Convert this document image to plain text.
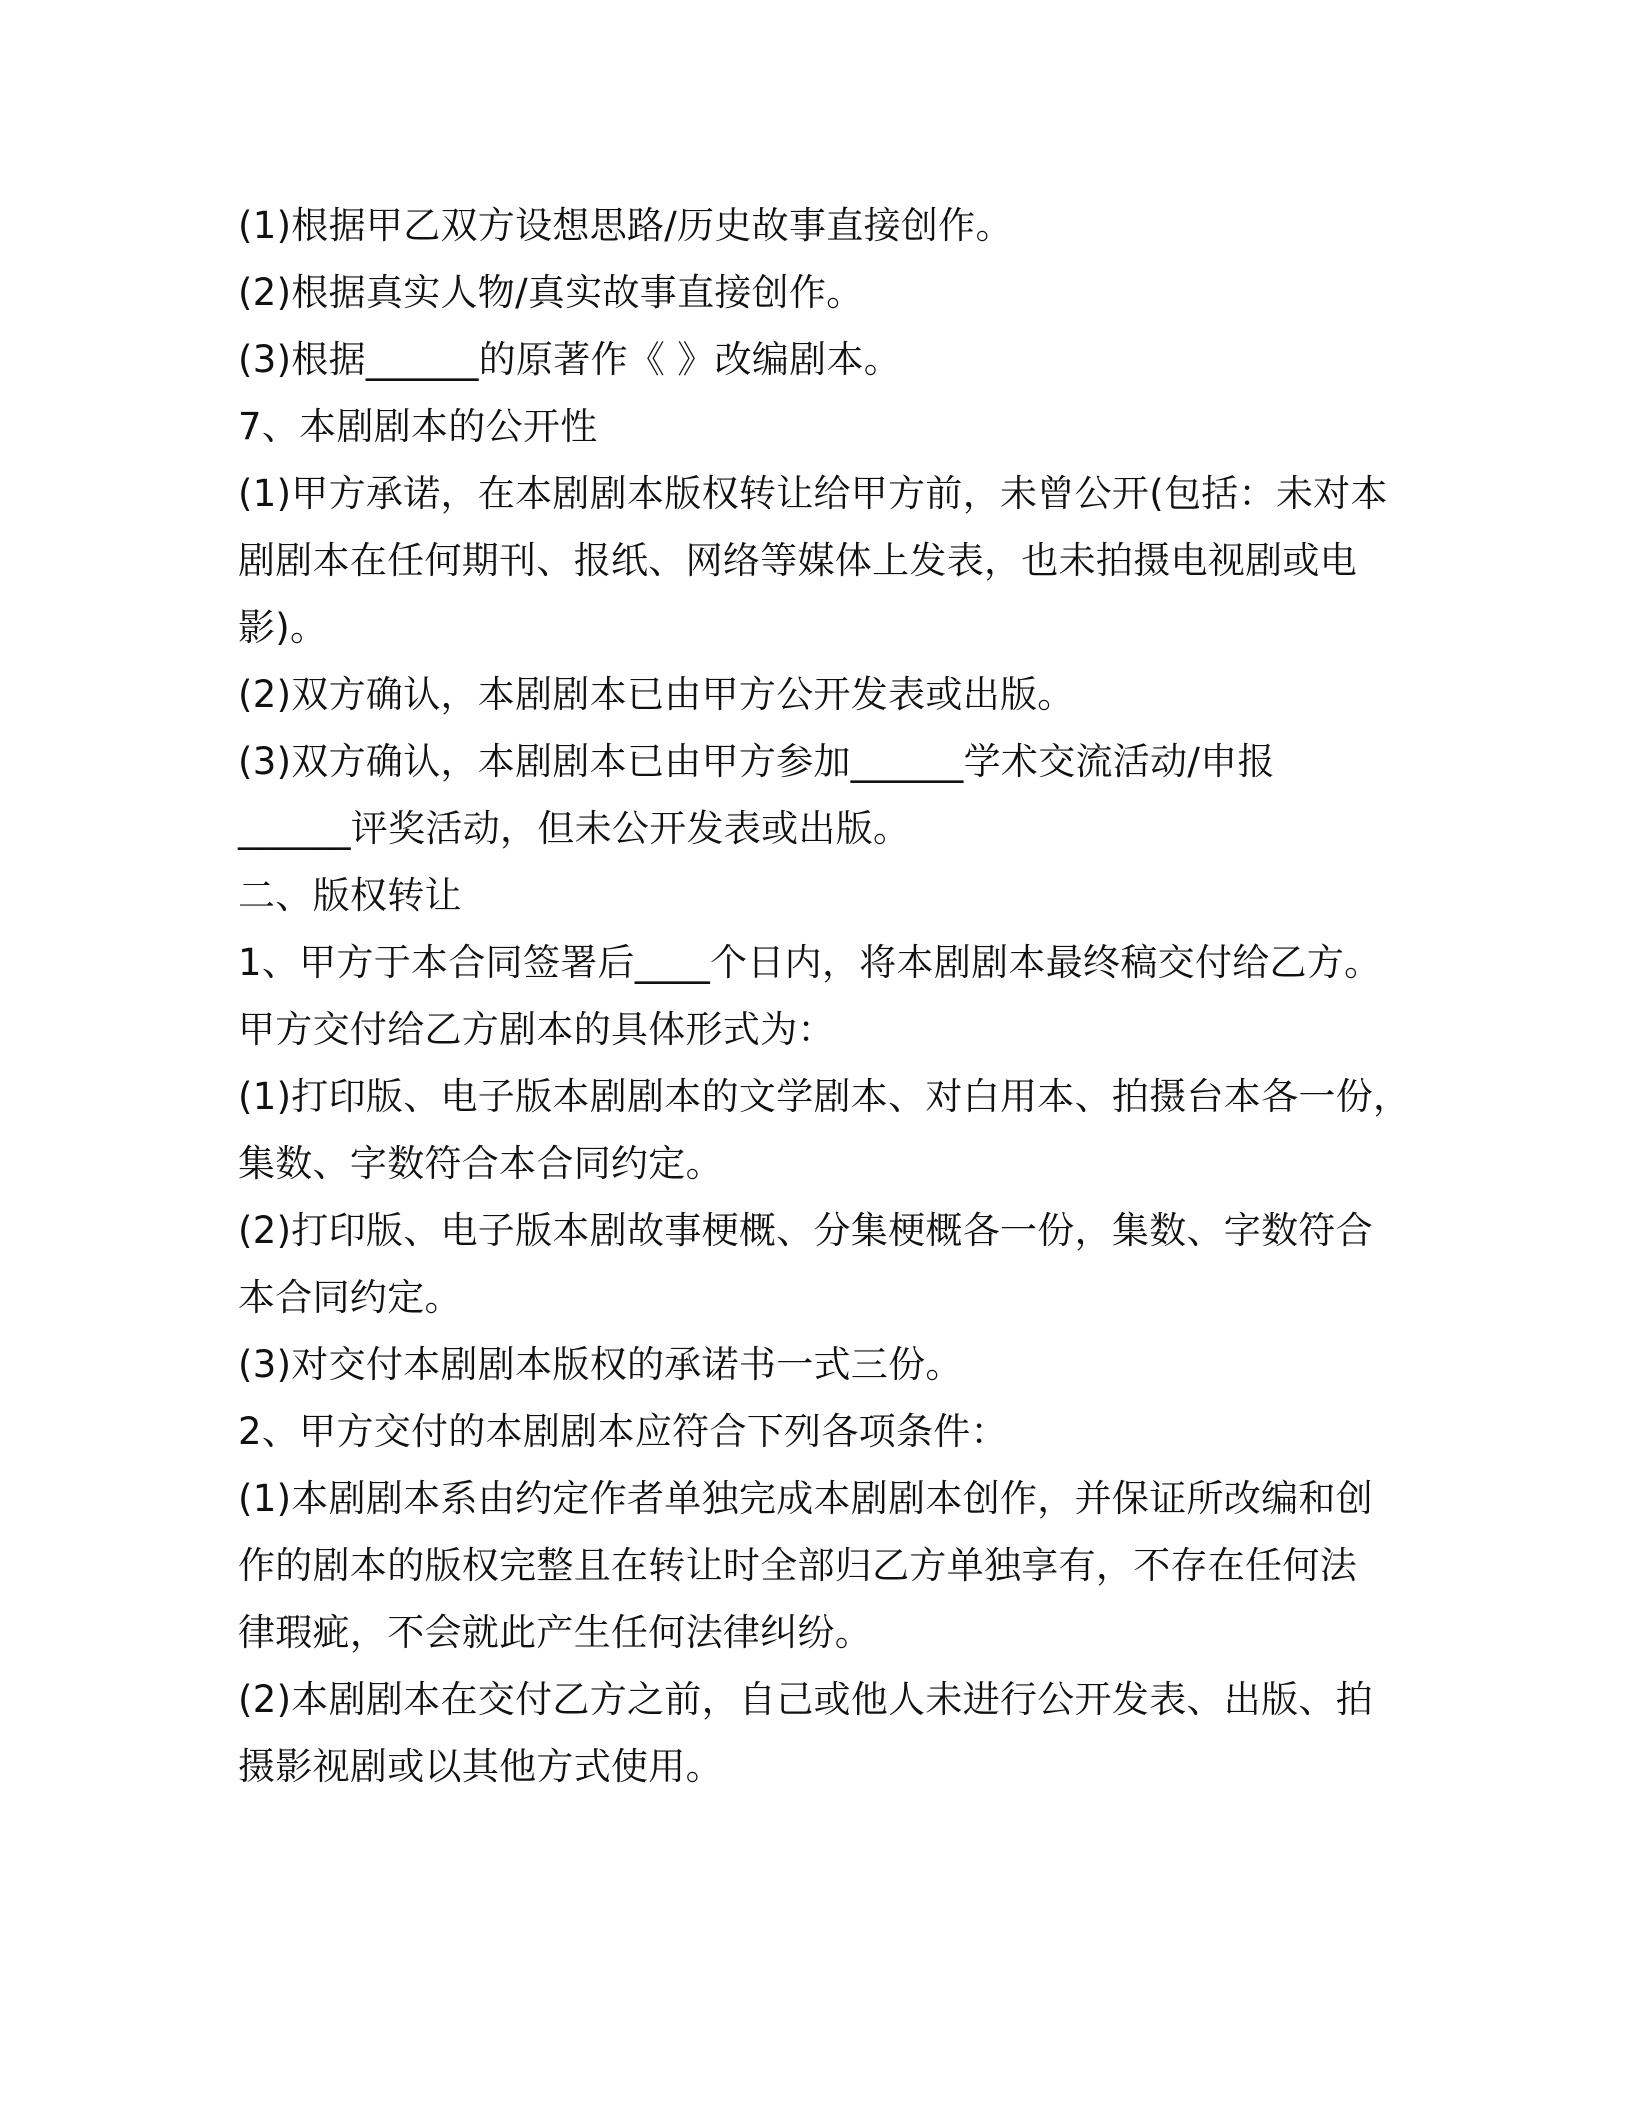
(1)根据甲乙双方设想思路/历史故事直接创作。
(2)根据真实人物/真实故事直接创作。
(3)根据______的原著作《 》改编剧本。
7、本剧剧本的公开性
(1)甲方承诺，在本剧剧本版权转让给甲方前，未曾公开(包括：未对本
剧剧本在任何期刊、报纸、网络等媒体上发表，也未拍摄电视剧或电
影)。
(2)双方确认，本剧剧本已由甲方公开发表或出版。
(3)双方确认，本剧剧本已由甲方参加______学术交流活动/申报
______评奖活动，但未公开发表或出版。
二、版权转让
1、甲方于本合同签署后____个日内，将本剧剧本最终稿交付给乙方。
甲方交付给乙方剧本的具体形式为：
(1)打印版、电子版本剧剧本的文学剧本、对白用本、拍摄台本各一份，
集数、字数符合本合同约定。
(2)打印版、电子版本剧故事梗概、分集梗概各一份，集数、字数符合
本合同约定。
(3)对交付本剧剧本版权的承诺书一式三份。
2、甲方交付的本剧剧本应符合下列各项条件：
(1)本剧剧本系由约定作者单独完成本剧剧本创作，并保证所改编和创
作的剧本的版权完整且在转让时全部归乙方单独享有，不存在任何法
律瑕疵，不会就此产生任何法律纠纷。
(2)本剧剧本在交付乙方之前，自己或他人未进行公开发表、出版、拍
摄影视剧或以其他方式使用。
